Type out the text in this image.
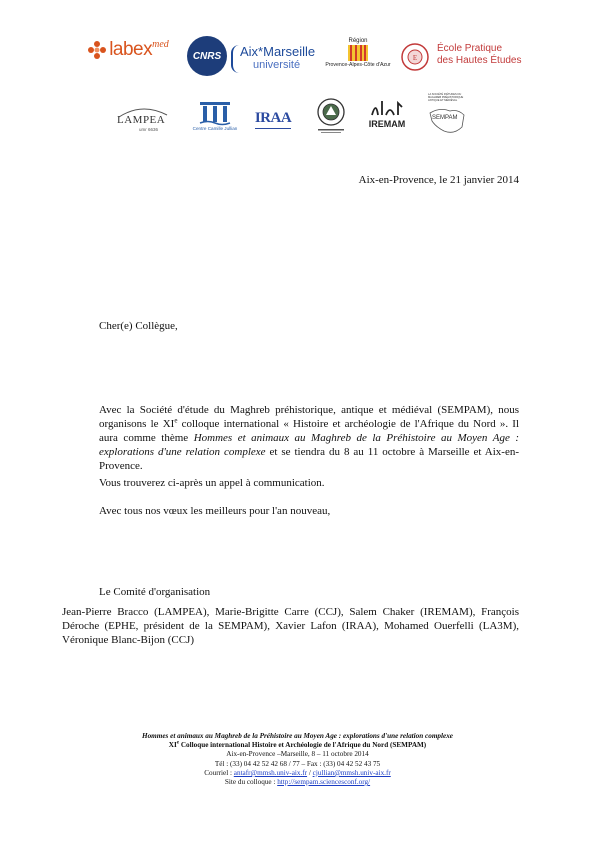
labex med
CNRS Aix*Marseille
université
Région
Provence-Alpes-Côte d'Azur
E
École Pratique
des Hautes Études
LAMPEA
umr 6636	Centre Camille Jullian
IRAA	IREMAM
LA SOCIÉTÉ D'ÉTUDES DU MAGHREB PRÉHISTORIQUE ANTIQUE ET MÉDIÉVAL
SEMPAM
Aix-en-Provence, le 21 janvier 2014
Cher(e) Collègue,
Avec la Société d'étude du Maghreb préhistorique, antique et médiéval (SEMPAM), nous organisons le XIe colloque international « Histoire et archéologie de l'Afrique du Nord ». Il aura comme thème Hommes et animaux au Maghreb de la Préhistoire au Moyen Age : explorations d'une relation complexe et se tiendra du 8 au 11 octobre à Marseille et Aix-en-Provence.
Vous trouverez ci-après un appel à communication.
Avec tous nos vœux les meilleurs pour l'an nouveau,
Le Comité d'organisation
Jean-Pierre Bracco (LAMPEA), Marie-Brigitte Carre (CCJ), Salem Chaker (IREMAM), François Déroche (EPHE, président de la SEMPAM), Xavier Lafon (IRAA), Mohamed Ouerfelli (LA3M), Véronique Blanc-Bijon (CCJ)
Hommes et animaux au Maghreb de la Préhistoire au Moyen Age : explorations d'une relation complexe
XIe Colloque international Histoire et Archéologie de l'Afrique du Nord (SEMPAM)
Aix-en-Provence –Marseille, 8 – 11 octobre 2014
Tél : (33) 04 42 52 42 68 / 77 – Fax : (33) 04 42 52 43 75
Courriel : antafr@mmsh.univ-aix.fr / cjullian@mmsh.univ-aix.fr
Site du colloque : http://sempam.sciencesconf.org/
